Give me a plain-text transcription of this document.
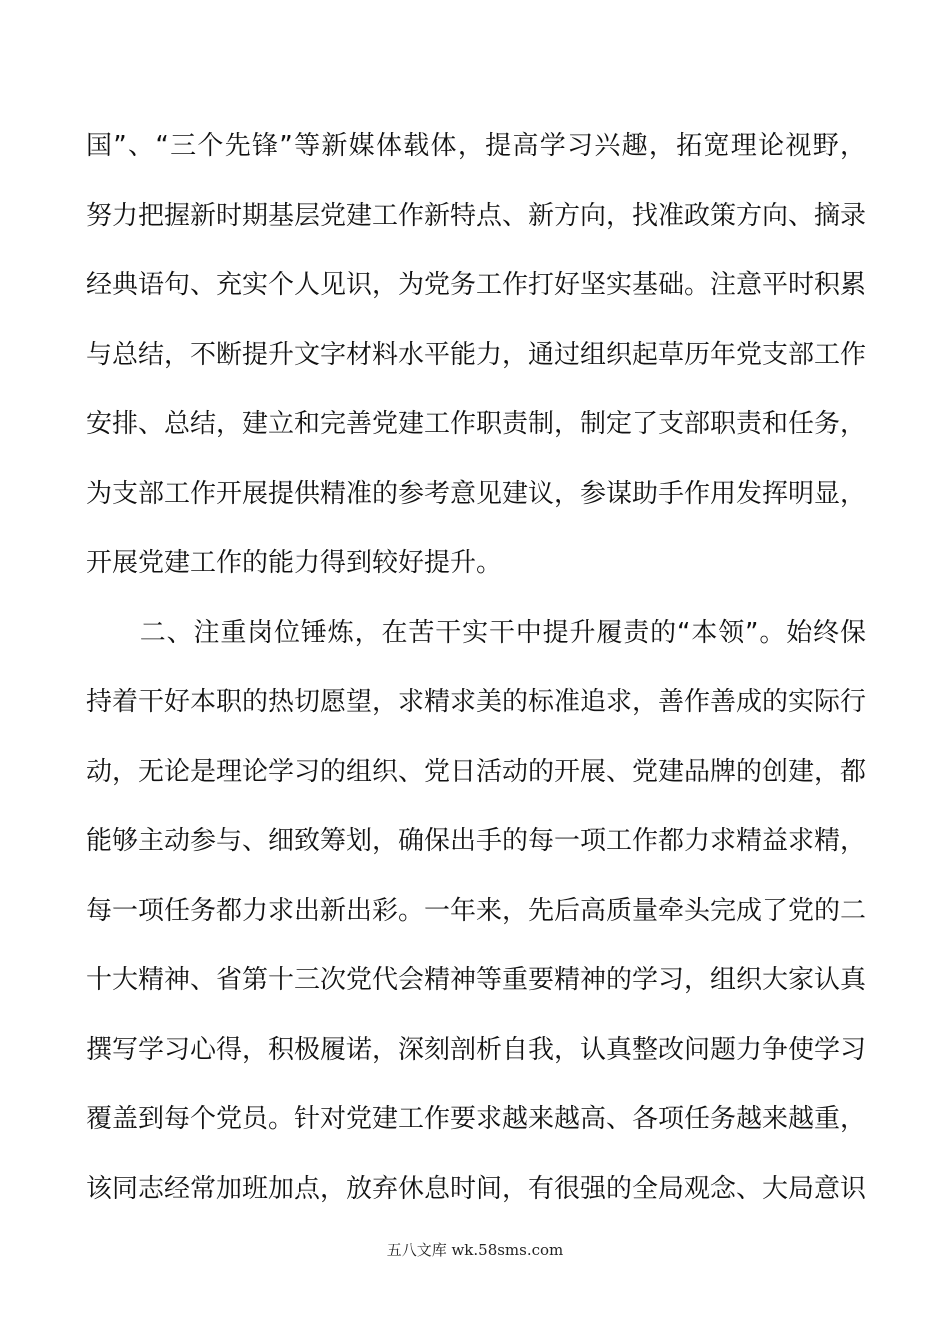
国”、“三个先锋”等新媒体载体，提高学习兴趣，拓宽理论视野，
努力把握新时期基层党建工作新特点、新方向，找准政策方向、摘录
经典语句、充实个人见识，为党务工作打好坚实基础。注意平时积累
与总结，不断提升文字材料水平能力，通过组织起草历年党支部工作
安排、总结，建立和完善党建工作职责制，制定了支部职责和任务，
为支部工作开展提供精准的参考意见建议，参谋助手作用发挥明显，
开展党建工作的能力得到较好提升。
　　二、注重岗位锤炼，在苦干实干中提升履责的“本领”。始终保
持着干好本职的热切愿望，求精求美的标准追求，善作善成的实际行
动，无论是理论学习的组织、党日活动的开展、党建品牌的创建，都
能够主动参与、细致筹划，确保出手的每一项工作都力求精益求精，
每一项任务都力求出新出彩。一年来，先后高质量牵头完成了党的二
十大精神、省第十三次党代会精神等重要精神的学习，组织大家认真
撰写学习心得，积极履诺，深刻剖析自我，认真整改问题力争使学习
覆盖到每个党员。针对党建工作要求越来越高、各项任务越来越重，
该同志经常加班加点，放弃休息时间，有很强的全局观念、大局意识
五八文库 wk.58sms.com
